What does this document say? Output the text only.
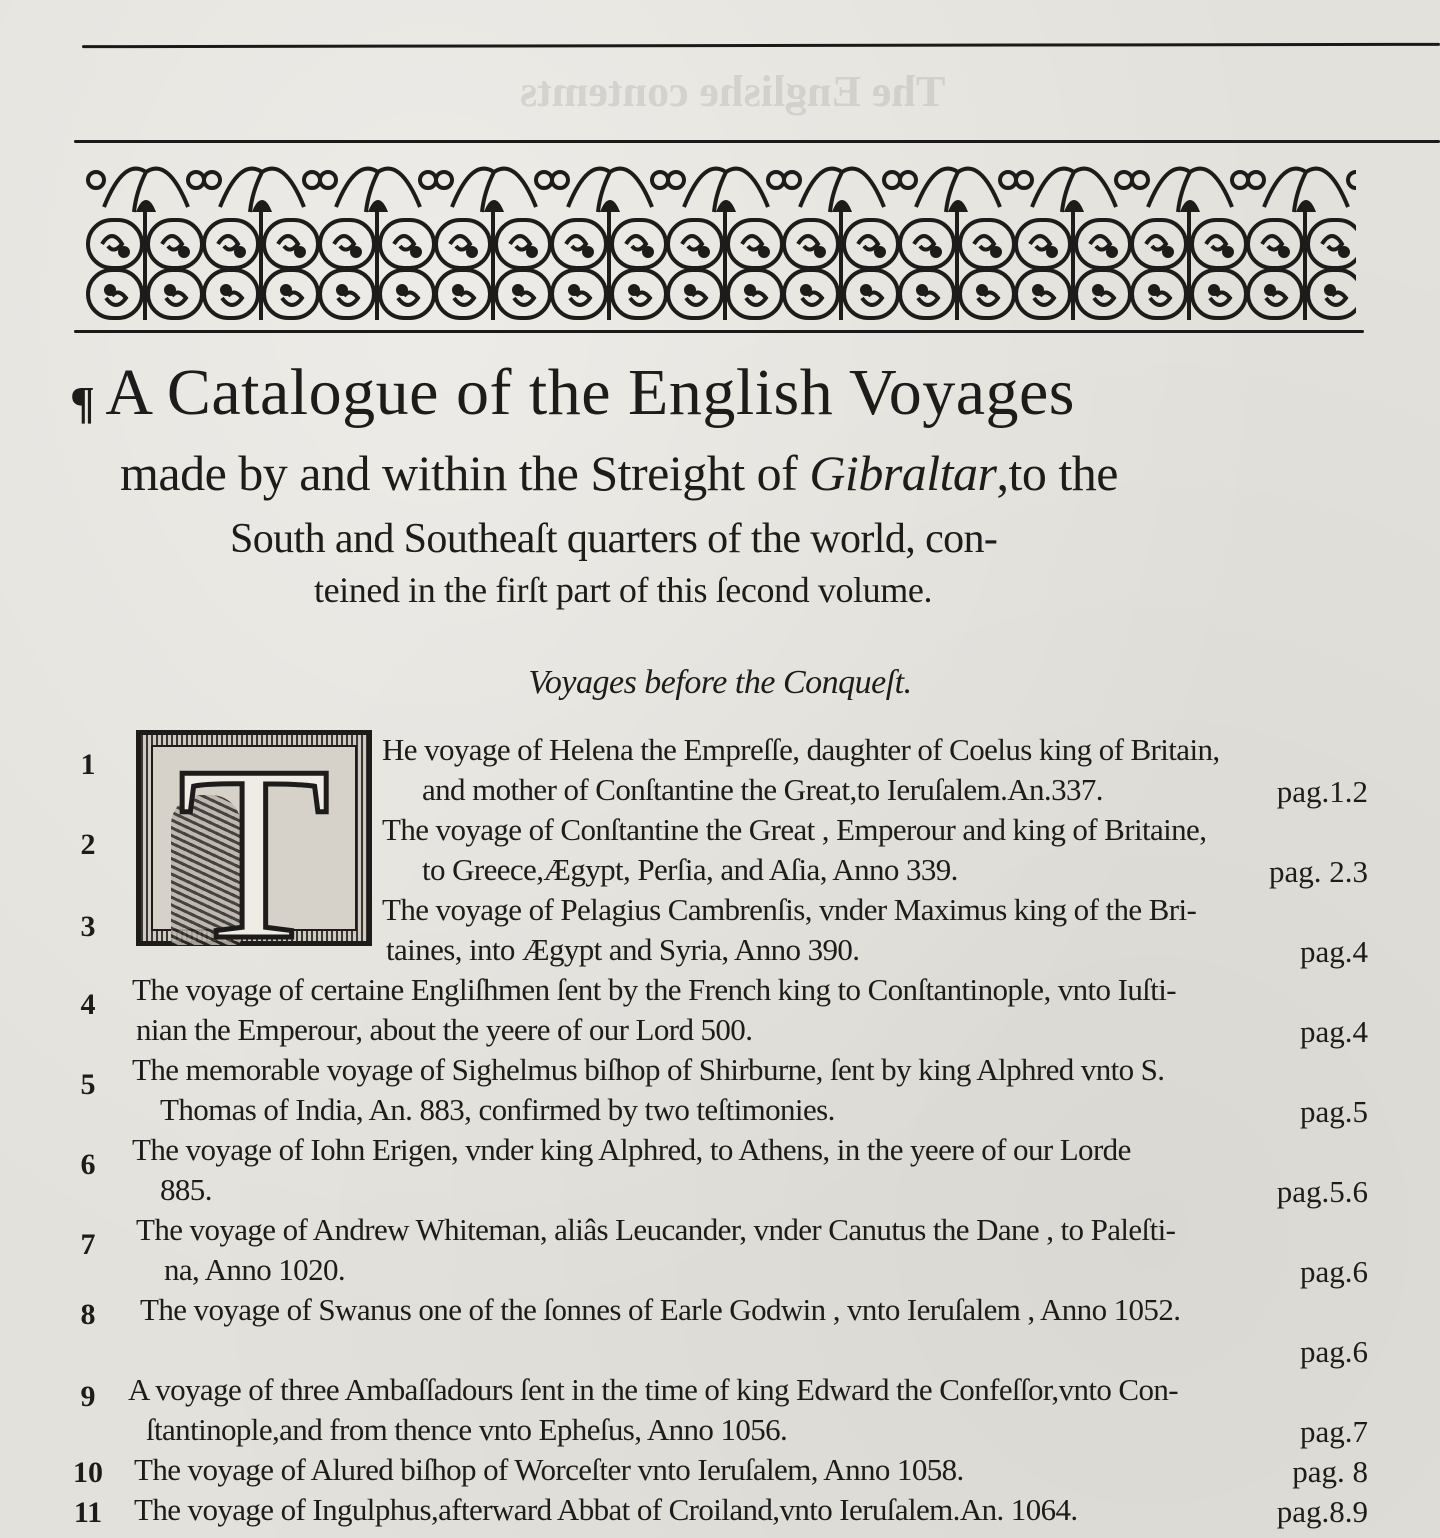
The Englishe contemts
¶ A Catalogue of the English Voyages
made by and within the Streight of Gibraltar,to the
South and Southeaſt quarters of the world, con-
teined in the firſt part of this ſecond volume.
Voyages before the Conqueſt.
T
1	He voyage of Helena the Empreſſe, daughter of Coelus king of Britain,
and mother of Conſtantine the Great,to Ieruſalem.An.337.	pag.1.2
2	The voyage of Conſtantine the Great , Emperour and king of Britaine,
to Greece,Ægypt, Perſia, and Aſia, Anno 339.	pag. 2.3
3	The voyage of Pelagius Cambrenſis, vnder Maximus king of the Bri-
taines, into Ægypt and Syria, Anno 390.	pag.4
4	The voyage of certaine Engliſhmen ſent by the French king to Conſtantinople, vnto Iuſti-
nian the Emperour, about the yeere of our Lord 500.	pag.4
5	The memorable voyage of Sighelmus biſhop of Shirburne, ſent by king Alphred vnto S.
Thomas of India, An. 883, confirmed by two teſtimonies.	pag.5
6	The voyage of Iohn Erigen, vnder king Alphred, to Athens, in the yeere of our Lorde
885.	pag.5.6
7	The voyage of Andrew Whiteman, aliâs Leucander, vnder Canutus the Dane , to Paleſti-
na, Anno 1020.	pag.6
8	The voyage of Swanus one of the ſonnes of Earle Godwin , vnto Ieruſalem , Anno 1052.
pag.6
9	A voyage of three Ambaſſadours ſent in the time of king Edward the Confeſſor,vnto Con-
ſtantinople,and from thence vnto Epheſus, Anno 1056.	pag.7
10 The voyage of Alured biſhop of Worceſter vnto Ieruſalem, Anno 1058.	pag. 8
11 The voyage of Ingulphus,afterward Abbat of Croiland,vnto Ieruſalem.An. 1064.	pag.8.9
